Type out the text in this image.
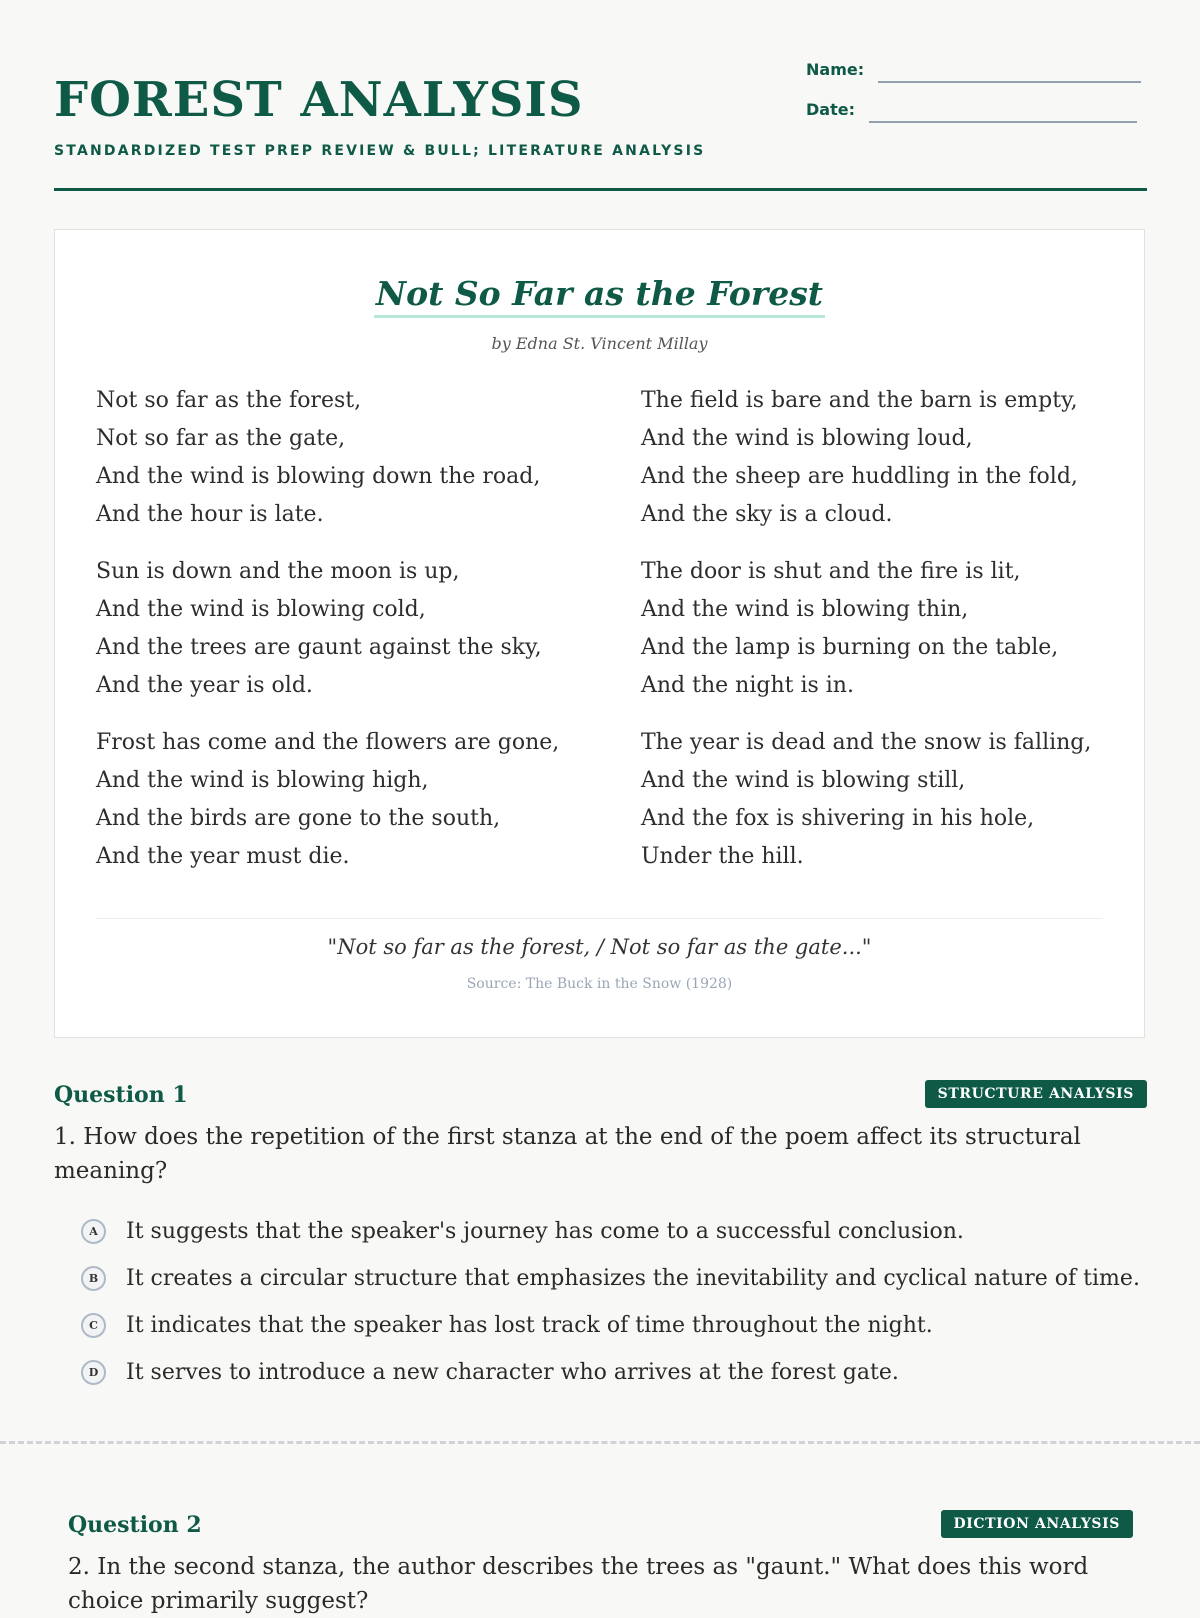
FOREST ANALYSIS

STANDARDIZED TEST PREP REVIEW & BULL; LITERATURE ANALYSIS

Name:
Date:
Not So Far as the Forest
by Edna St. Vincent Millay
Not so far as the forest,
Not so far as the gate,
And the wind is blowing down the road,
And the hour is late.
Sun is down and the moon is up,
And the wind is blowing cold,
And the trees are gaunt against the sky,
And the year is old.
Frost has come and the flowers are gone,
And the wind is blowing high,
And the birds are gone to the south,
And the year must die.
The field is bare and the barn is empty,
And the wind is blowing loud,
And the sheep are huddling in the fold,
And the sky is a cloud.
The door is shut and the fire is lit,
And the wind is blowing thin,
And the lamp is burning on the table,
And the night is in.
The year is dead and the snow is falling,
And the wind is blowing still,
And the fox is shivering in his hole,
Under the hill.
"Not so far as the forest, / Not so far as the gate..."
Source: The Buck in the Snow (1928)
Question 1	STRUCTURE ANALYSIS
1. How does the repetition of the first stanza at the end of the poem affect its structural meaning?
A	It suggests that the speaker's journey has come to a successful conclusion.
B	It creates a circular structure that emphasizes the inevitability and cyclical nature of time.
C	It indicates that the speaker has lost track of time throughout the night.
D	It serves to introduce a new character who arrives at the forest gate.
Question 2	DICTION ANALYSIS
2. In the second stanza, the author describes the trees as "gaunt." What does this word choice primarily suggest?
